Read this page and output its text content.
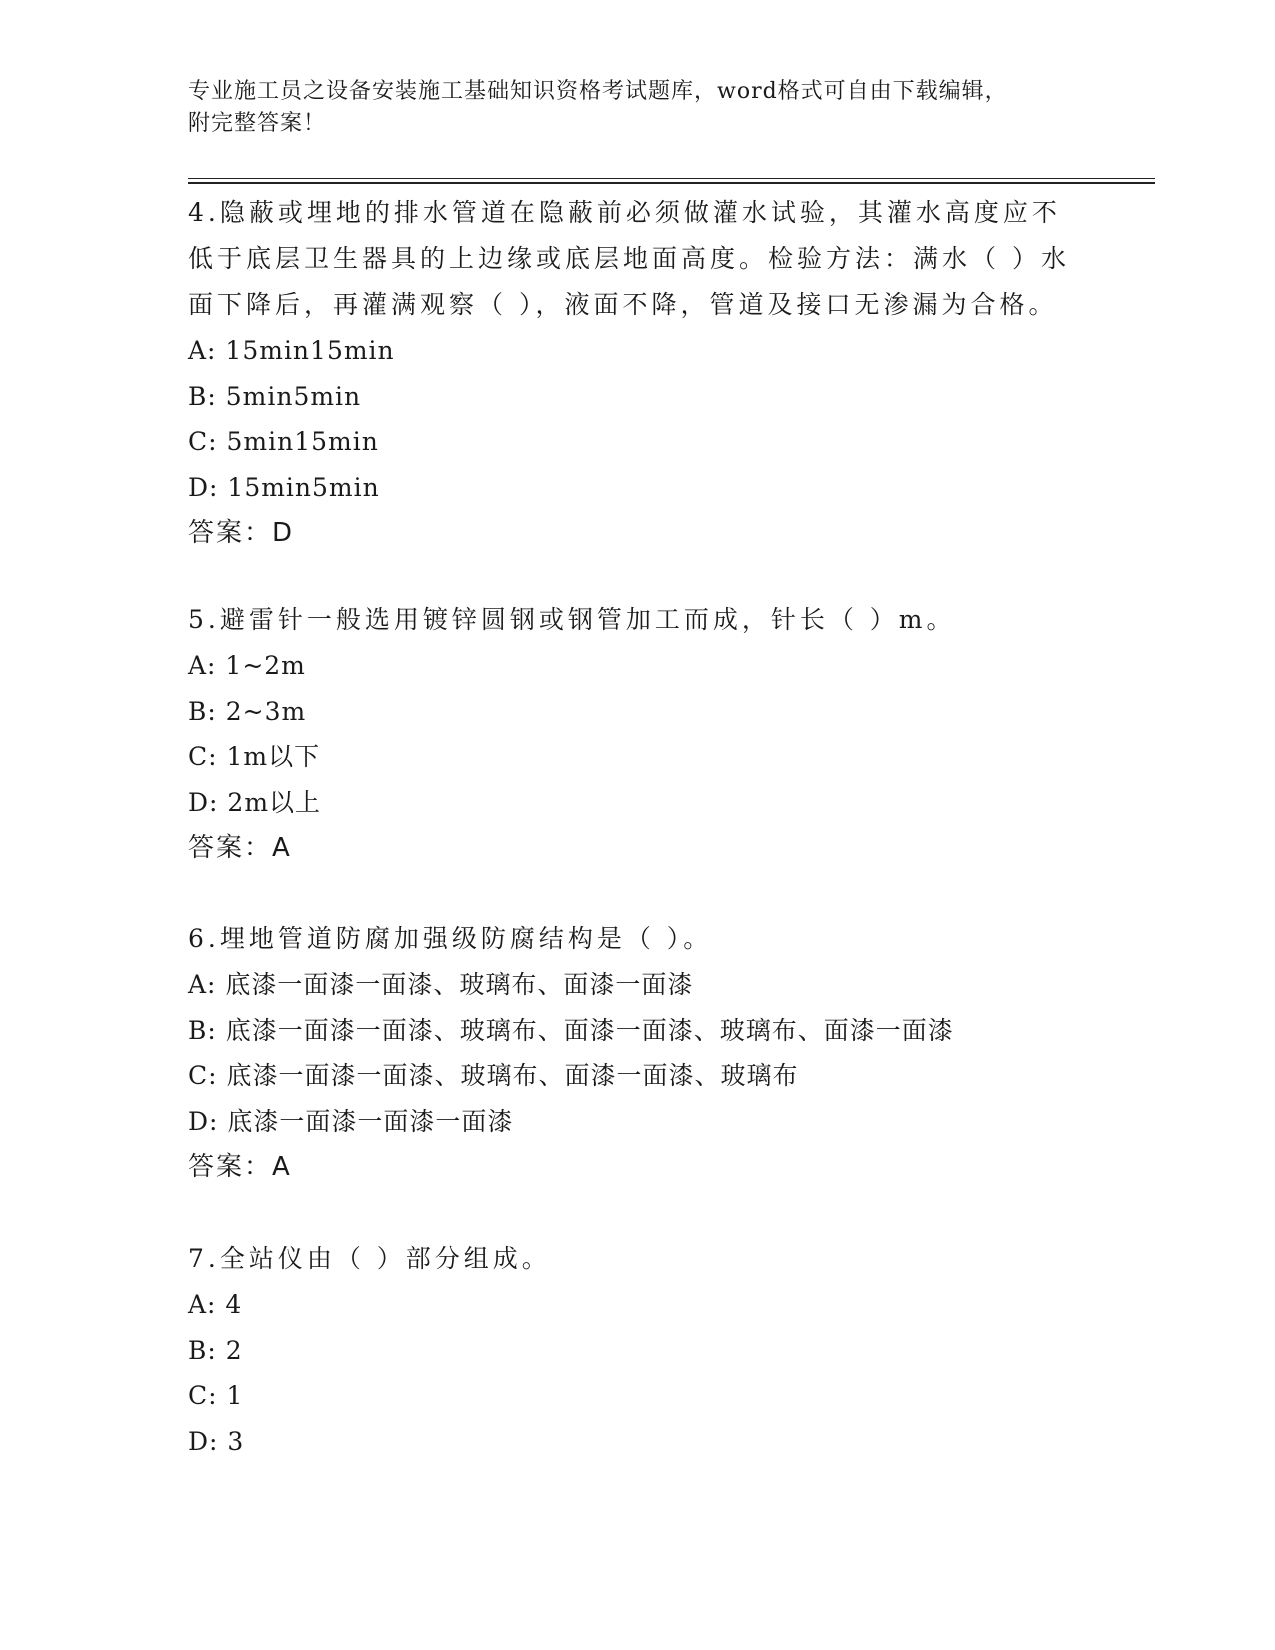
专业施工员之设备安装施工基础知识资格考试题库，word格式可自由下载编辑，
附完整答案！

4.隐蔽或埋地的排水管道在隐蔽前必须做灌水试验，其灌水高度应不低于底层卫生器具的上边缘或底层地面高度。检验方法：满水（ ）水面下降后，再灌满观察（ ），液面不降，管道及接口无渗漏为合格。

A: 15min15min

B: 5min5min

C: 5min15min

D: 15min5min

答案：D

5.避雷针一般选用镀锌圆钢或钢管加工而成，针长（ ）m。

A: 1~2m

B: 2~3m

C: 1m以下

D: 2m以上

答案：A

6.埋地管道防腐加强级防腐结构是（ ）。

A: 底漆一面漆一面漆、玻璃布、面漆一面漆

B: 底漆一面漆一面漆、玻璃布、面漆一面漆、玻璃布、面漆一面漆

C: 底漆一面漆一面漆、玻璃布、面漆一面漆、玻璃布

D: 底漆一面漆一面漆一面漆

答案：A

7.全站仪由（ ）部分组成。

A: 4

B: 2

C: 1

D: 3
